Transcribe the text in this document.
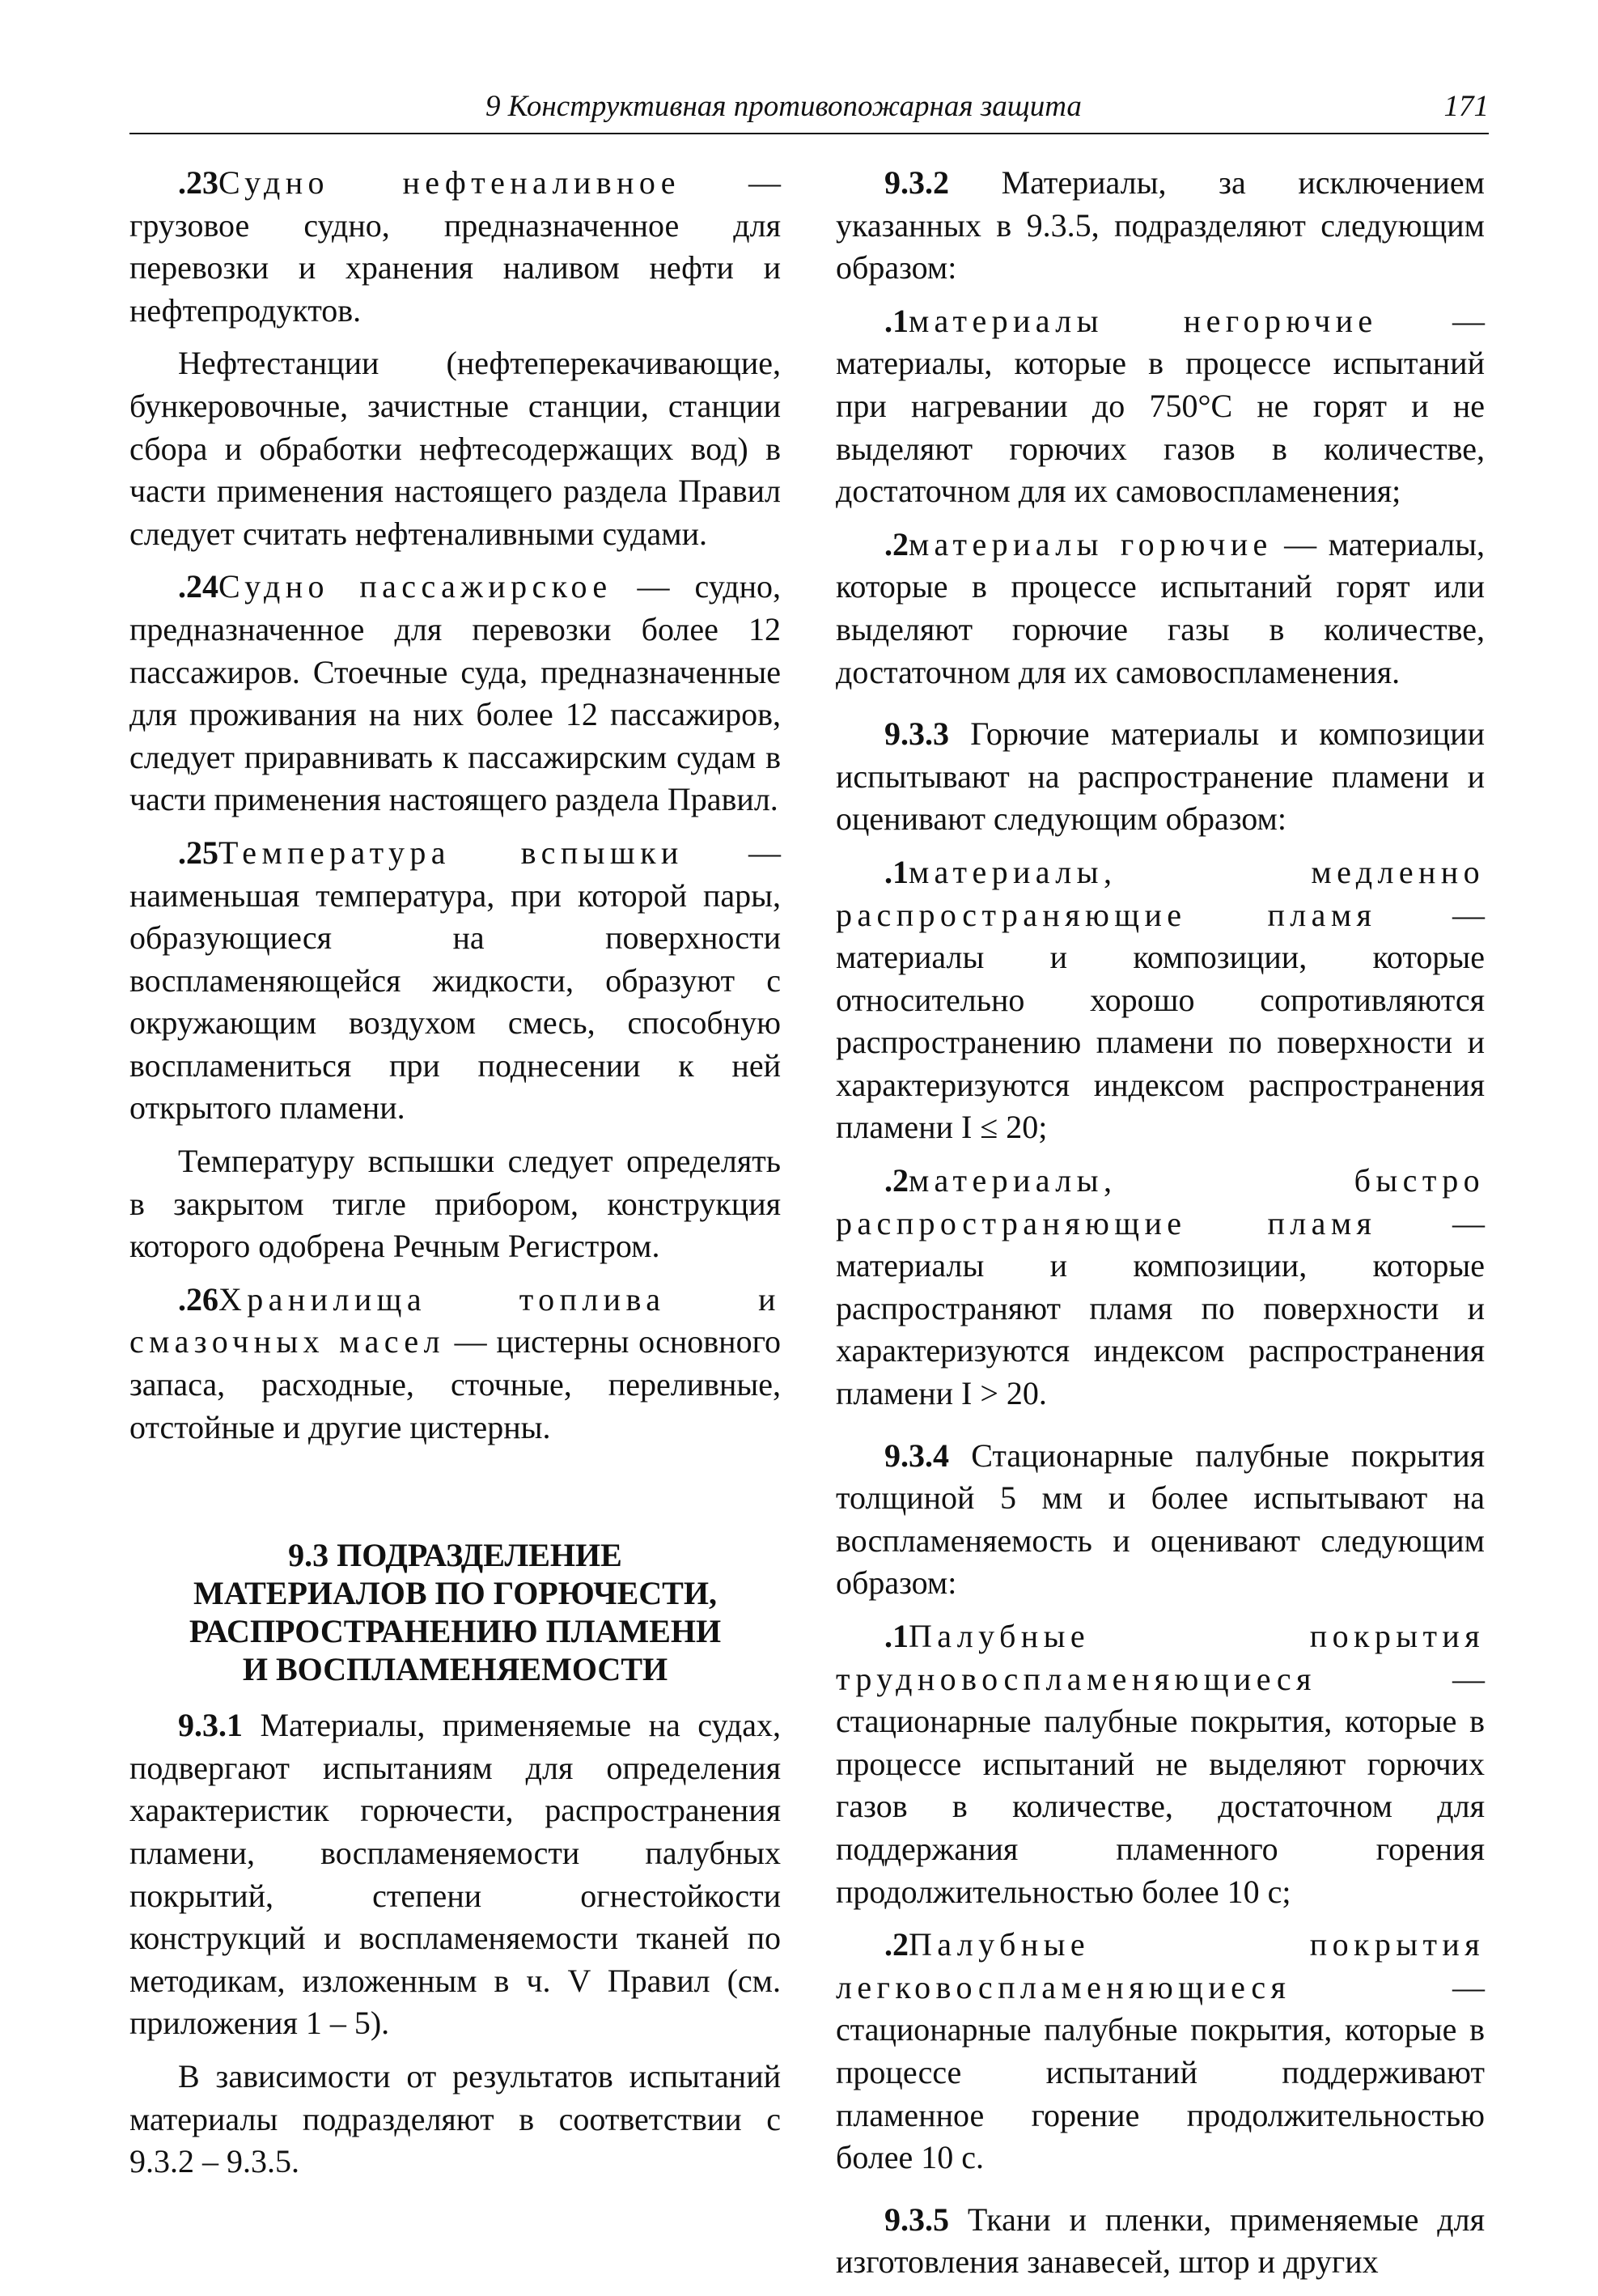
9 Конструктивная противопожарная защита	171

.23Судно нефтеналивное — грузовое судно, предназначенное для перевозки и хранения наливом нефти и нефтепродуктов.

Нефтестанции (нефтеперекачивающие, бункеровочные, зачистные станции, станции сбора и обработки нефтесодержащих вод) в части применения настоящего раздела Правил следует считать нефтеналивными судами.

.24Судно пассажирское — судно, предназначенное для перевозки более 12 пассажиров. Стоечные суда, предназначенные для проживания на них более 12 пассажиров, следует приравнивать к пассажирским судам в части применения настоящего раздела Правил.

.25Температура вспышки — наименьшая температура, при которой пары, образующиеся на поверхности воспламеняющейся жидкости, образуют с окружающим воздухом смесь, способную воспламениться при поднесении к ней открытого пламени.

Температуру вспышки следует определять в закрытом тигле прибором, конструкция которого одобрена Речным Регистром.

.26Хранилища топлива и смазочных масел — цистерны основного запаса, расходные, сточные, переливные, отстойные и другие цистерны.

9.3 ПОДРАЗДЕЛЕНИЕ
МАТЕРИАЛОВ ПО ГОРЮЧЕСТИ,
РАСПРОСТРАНЕНИЮ ПЛАМЕНИ
И ВОСПЛАМЕНЯЕМОСТИ

9.3.1 Материалы, применяемые на судах, подвергают испытаниям для определения характеристик горючести, распространения пламени, воспламеняемости палубных покрытий, степени огнестойкости конструкций и воспламеняемости тканей по методикам, изложенным в ч. V Правил (см. приложения 1 – 5).

В зависимости от результатов испытаний материалы подразделяют в соответствии с 9.3.2 – 9.3.5.

9.3.2 Материалы, за исключением указанных в 9.3.5, подразделяют следующим образом:

.1материалы негорючие — материалы, которые в процессе испытаний при нагревании до 750°С не горят и не выделяют горючих газов в количестве, достаточном для их самовоспламенения;

.2материалы горючие — материалы, которые в процессе испытаний горят или выделяют горючие газы в количестве, достаточном для их самовоспламенения.

9.3.3 Горючие материалы и композиции испытывают на распространение пламени и оценивают следующим образом:

.1материалы, медленно распространяющие пламя — материалы и композиции, которые относительно хорошо сопротивляются распространению пламени по поверхности и характеризуются индексом распространения пламени I ≤ 20;

.2материалы, быстро распространяющие пламя — материалы и композиции, которые распространяют пламя по поверхности и характеризуются индексом распространения пламени I > 20.

9.3.4 Стационарные палубные покрытия толщиной 5 мм и более испытывают на воспламеняемость и оценивают следующим образом:

.1Палубные покрытия трудновоспламеняющиеся — стационарные палубные покрытия, которые в процессе испытаний не выделяют горючих газов в количестве, достаточном для поддержания пламенного горения продолжительностью более 10 с;

.2Палубные покрытия легковоспламеняющиеся — стационарные палубные покрытия, которые в процессе испытаний поддерживают пламенное горение продолжительностью более 10 с.

9.3.5 Ткани и пленки, применяемые для изготовления занавесей, штор и других
